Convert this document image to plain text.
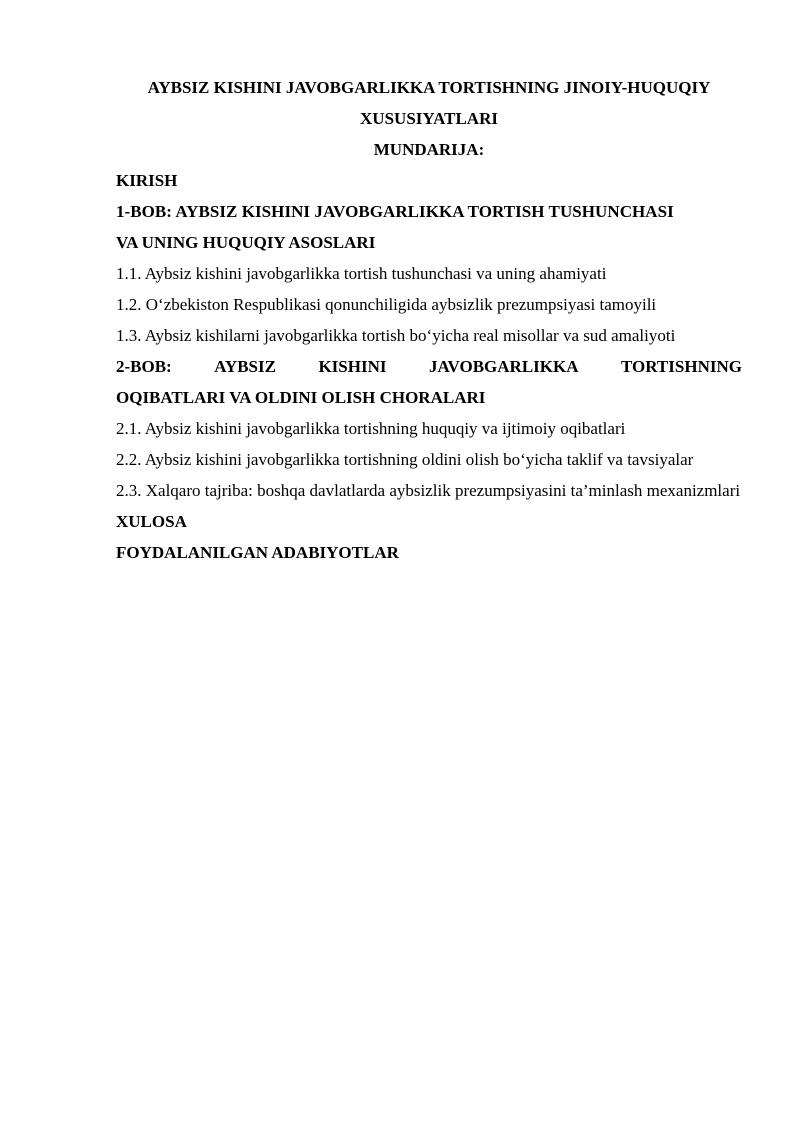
AYBSIZ KISHINI JAVOBGARLIKKA TORTISHNING JINOIY-HUQUQIY XUSUSIYATLARI

MUNDARIJA:

KIRISH

1-BOB: AYBSIZ KISHINI JAVOBGARLIKKA TORTISH TUSHUNCHASI

VA UNING HUQUQIY ASOSLARI

1.1. Aybsiz kishini javobgarlikka tortish tushunchasi va uning ahamiyati

1.2. O‘zbekiston Respublikasi qonunchiligida aybsizlik prezumpsiyasi tamoyili

1.3. Aybsiz kishilarni javobgarlikka tortish bo‘yicha real misollar va sud amaliyoti

2-BOB: AYBSIZ KISHINI JAVOBGARLIKKA TORTISHNING

OQIBATLARI VA OLDINI OLISH CHORALARI

2.1. Aybsiz kishini javobgarlikka tortishning huquqiy va ijtimoiy oqibatlari

2.2. Aybsiz kishini javobgarlikka tortishning oldini olish bo‘yicha taklif va tavsiyalar

2.3. Xalqaro tajriba: boshqa davlatlarda aybsizlik prezumpsiyasini ta’minlash mexanizmlari

XULOSA

FOYDALANILGAN ADABIYOTLAR
